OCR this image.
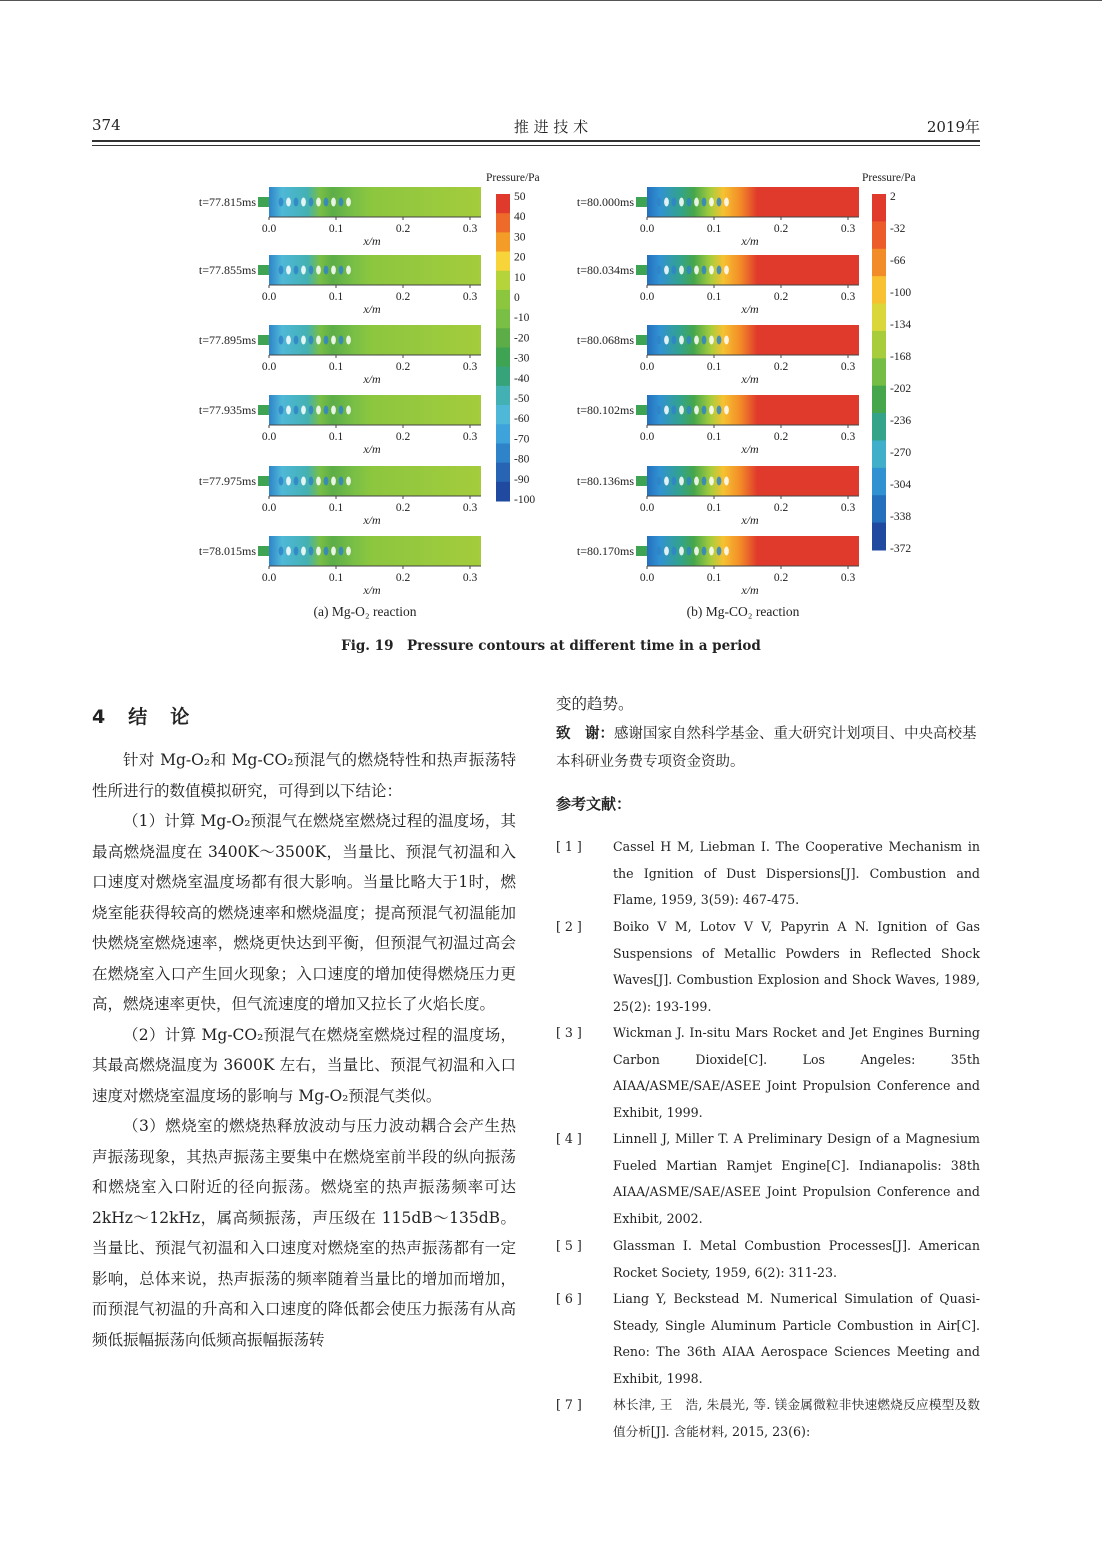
374	推 进 技 术	2019年
t=77.815ms
0.0	0.1	0.2	0.3
x/m
t=77.855ms
0.0	0.1	0.2	0.3
x/m
t=77.895ms
0.0	0.1	0.2	0.3
x/m
t=77.935ms
0.0	0.1	0.2	0.3
x/m
t=77.975ms
0.0	0.1	0.2	0.3
x/m
t=78.015ms
0.0	0.1	0.2	0.3
x/m
50
40
30
20
10
0
-10
-20
-30
-40
-50
-60
-70
-80
-90
-100
Pressure/Pa
(a) Mg-O₂ reaction
t=80.000ms
0.0	0.1	0.2	0.3
x/m
t=80.034ms
0.0	0.1	0.2	0.3
x/m
t=80.068ms
0.0	0.1	0.2	0.3
x/m
t=80.102ms
0.0	0.1	0.2	0.3
x/m
t=80.136ms
0.0	0.1	0.2	0.3
x/m
t=80.170ms
0.0	0.1	0.2	0.3
x/m
2
-32
-66
-100
-134
-168
-202
-236
-270
-304
-338
-372
Pressure/Pa
(b) Mg-CO₂ reaction
Fig. 19　Pressure contours at different time in a period
4　 结　论

针对 Mg-O₂和 Mg-CO₂预混气的燃烧特性和热声振荡特性所进行的数值模拟研究，可得到以下结论：

（1）计算 Mg-O₂预混气在燃烧室燃烧过程的温度场，其最高燃烧温度在 3400K～3500K，当量比、预混气初温和入口速度对燃烧室温度场都有很大影响。当量比略大于1时，燃烧室能获得较高的燃烧速率和燃烧温度；提高预混气初温能加快燃烧室燃烧速率，燃烧更快达到平衡，但预混气初温过高会在燃烧室入口产生回火现象；入口速度的增加使得燃烧压力更高，燃烧速率更快，但气流速度的增加又拉长了火焰长度。

（2）计算 Mg-CO₂预混气在燃烧室燃烧过程的温度场，其最高燃烧温度为 3600K 左右，当量比、预混气初温和入口速度对燃烧室温度场的影响与 Mg-O₂预混气类似。

（3）燃烧室的燃烧热释放波动与压力波动耦合会产生热声振荡现象，其热声振荡主要集中在燃烧室前半段的纵向振荡和燃烧室入口附近的径向振荡。燃烧室的热声振荡频率可达 2kHz～12kHz，属高频振荡，声压级在 115dB～135dB。当量比、预混气初温和入口速度对燃烧室的热声振荡都有一定影响，总体来说，热声振荡的频率随着当量比的增加而增加，而预混气初温的升高和入口速度的降低都会使压力振荡有从高频低振幅振荡向低频高振幅振荡转

变的趋势。
致　谢：感谢国家自然科学基金、重大研究计划项目、中央高校基本科研业务费专项资金资助。
参考文献：
[ 1 ]	Cassel H M, Liebman I. The Cooperative Mechanism in the Ignition of Dust Dispersions[J]. Combustion and Flame, 1959, 3(59): 467-475.
[ 2 ]	Boiko V M, Lotov V V, Papyrin A N. Ignition of Gas Suspensions of Metallic Powders in Reflected Shock Waves[J]. Combustion Explosion and Shock Waves, 1989, 25(2): 193-199.
[ 3 ]	Wickman J. In-situ Mars Rocket and Jet Engines Burning Carbon Dioxide[C]. Los Angeles: 35th AIAA/ASME/SAE/ASEE Joint Propulsion Conference and Exhibit, 1999.
[ 4 ]	Linnell J, Miller T. A Preliminary Design of a Magnesium Fueled Martian Ramjet Engine[C]. Indianapolis: 38th AIAA/ASME/SAE/ASEE Joint Propulsion Conference and Exhibit, 2002.
[ 5 ]	Glassman I. Metal Combustion Processes[J]. American Rocket Society, 1959, 6(2): 311-23.
[ 6 ]	Liang Y, Beckstead M. Numerical Simulation of Quasi-Steady, Single Aluminum Particle Combustion in Air[C]. Reno: The 36th AIAA Aerospace Sciences Meeting and Exhibit, 1998.
[ 7 ]	林长津, 王　浩, 朱晨光, 等. 镁金属微粒非快速燃烧反应模型及数值分析[J]. 含能材料, 2015, 23(6):
